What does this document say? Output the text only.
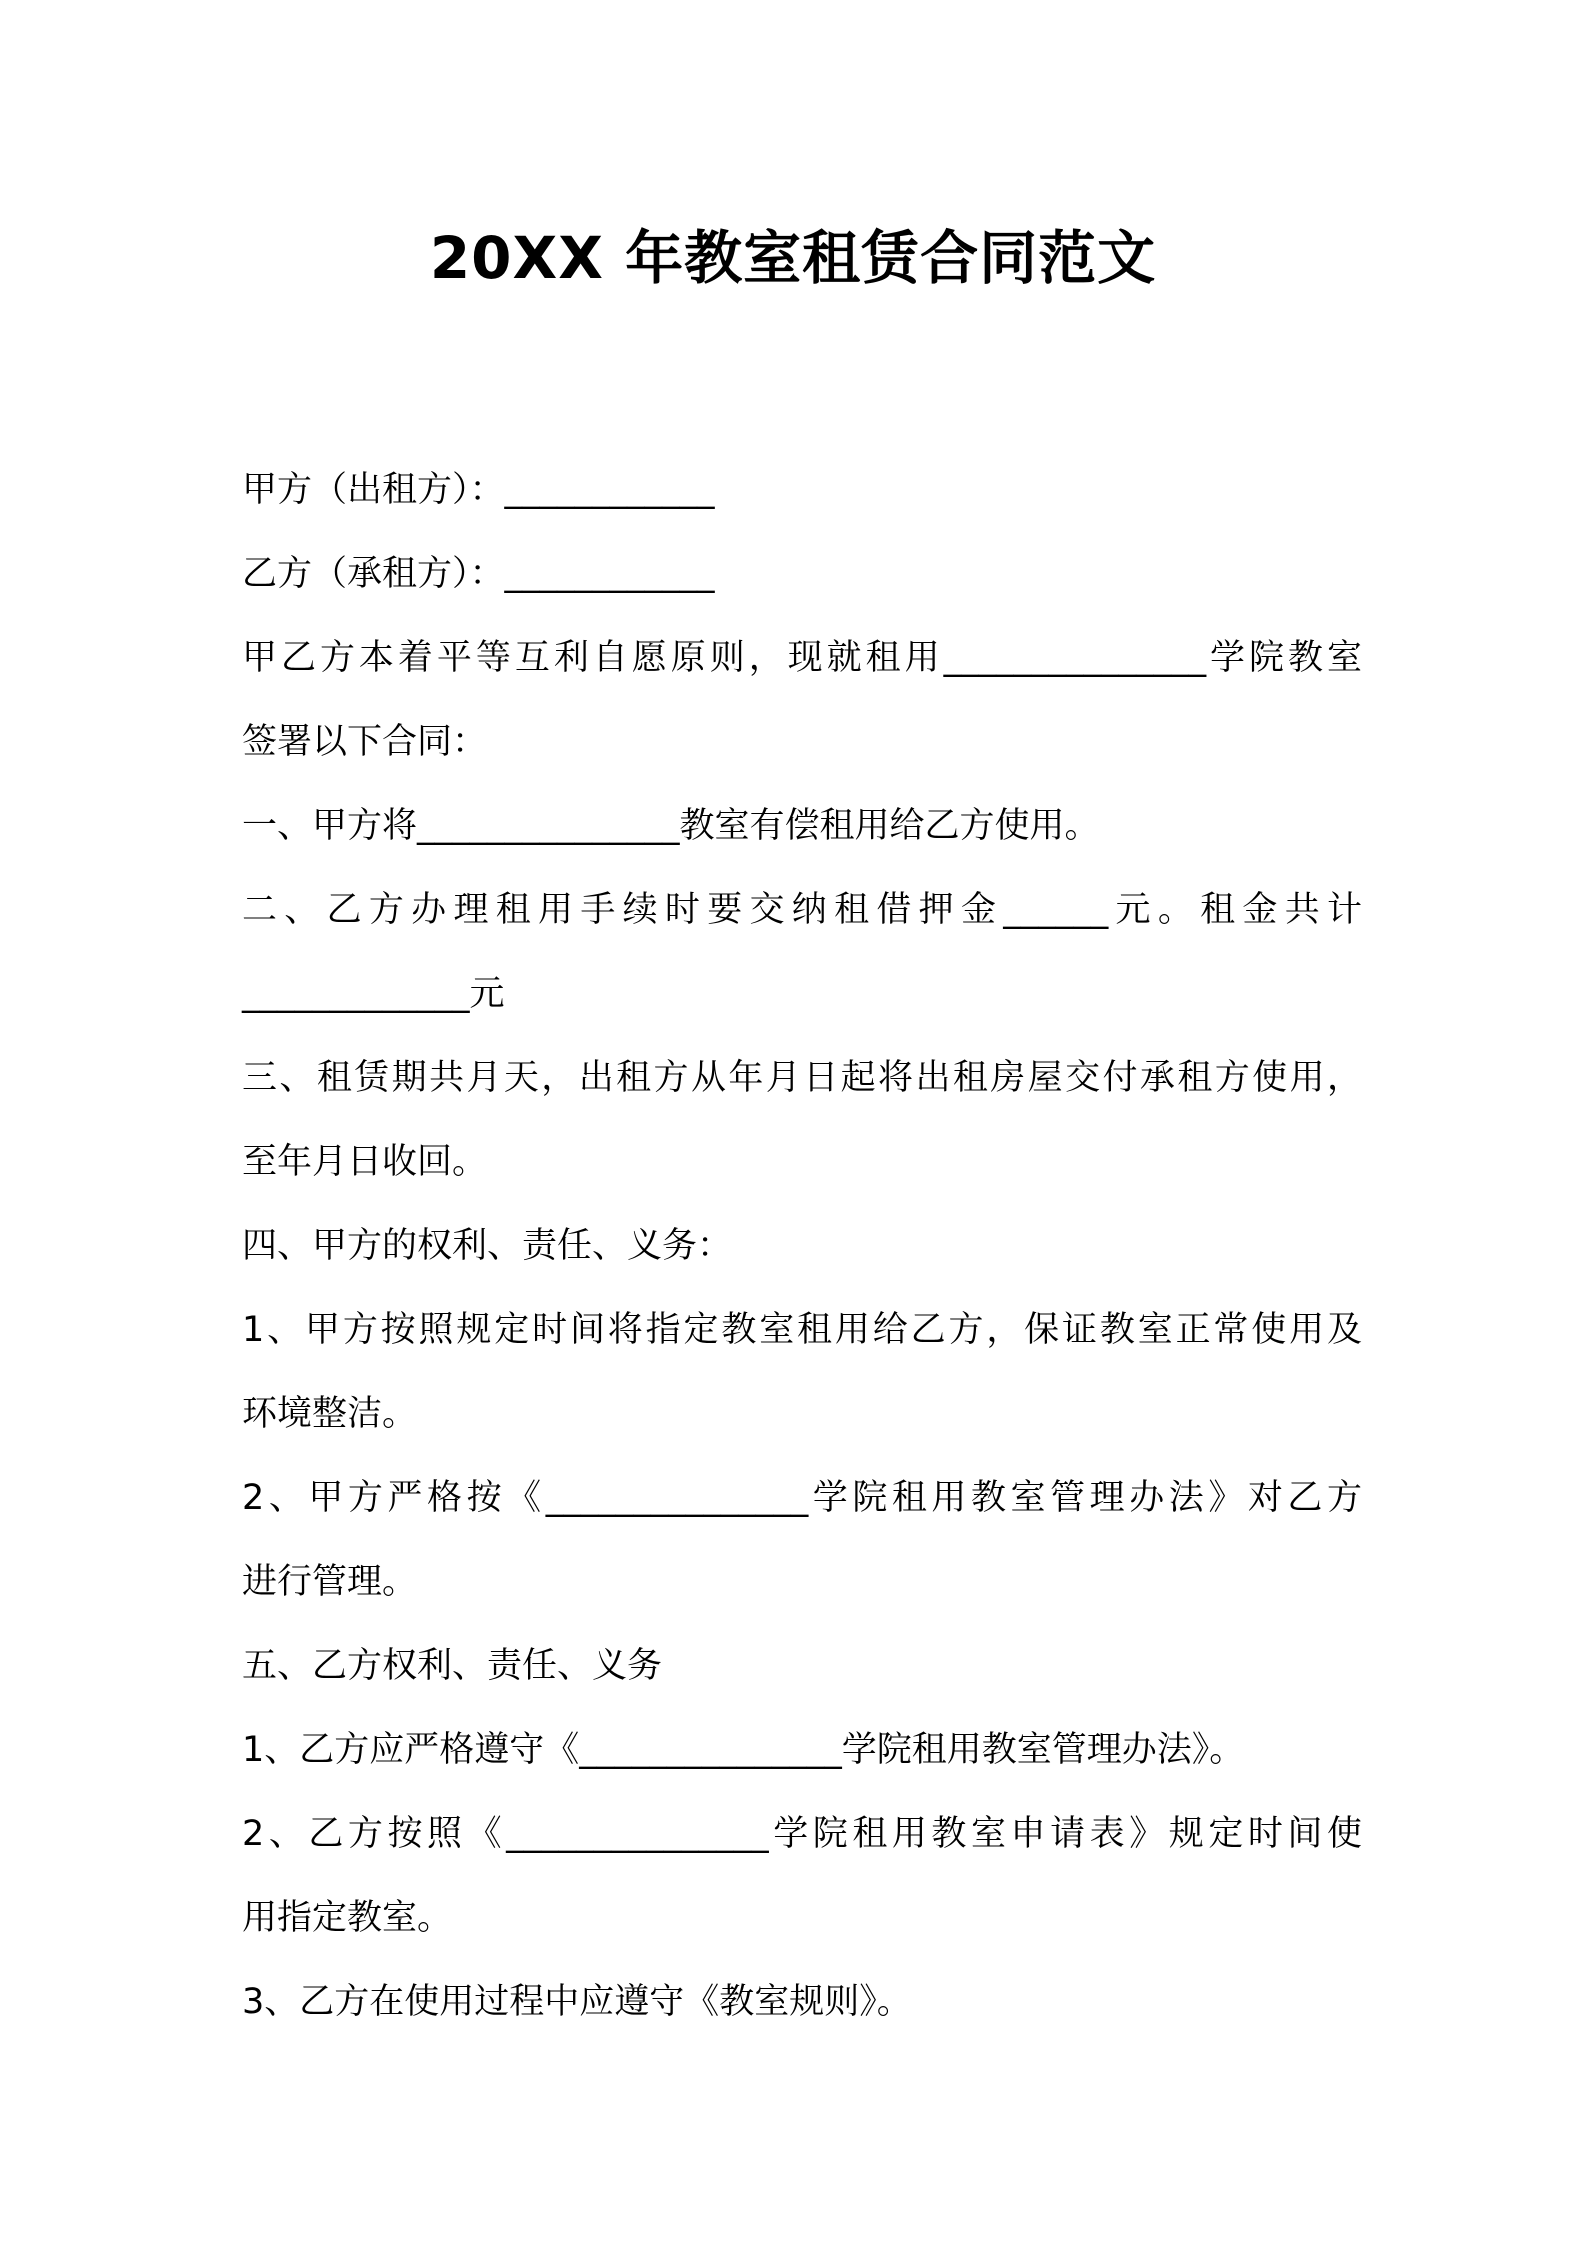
20XX 年教室租赁合同范文
甲方（出租方）：____________
乙方（承租方）：____________
甲乙方本着平等互利自愿原则，现就租用_______________学院教室
签署以下合同：
一、甲方将_______________教室有偿租用给乙方使用。
二、乙方办理租用手续时要交纳租借押金______元。租金共计
_____________元
三、租赁期共月天，出租方从年月日起将出租房屋交付承租方使用，
至年月日收回。
四、甲方的权利、责任、义务：
1、甲方按照规定时间将指定教室租用给乙方，保证教室正常使用及
环境整洁。
2、甲方严格按《_______________学院租用教室管理办法》对乙方
进行管理。
五、乙方权利、责任、义务
1、乙方应严格遵守《_______________学院租用教室管理办法》。
2、乙方按照《_______________学院租用教室申请表》规定时间使
用指定教室。
3、乙方在使用过程中应遵守《教室规则》。
